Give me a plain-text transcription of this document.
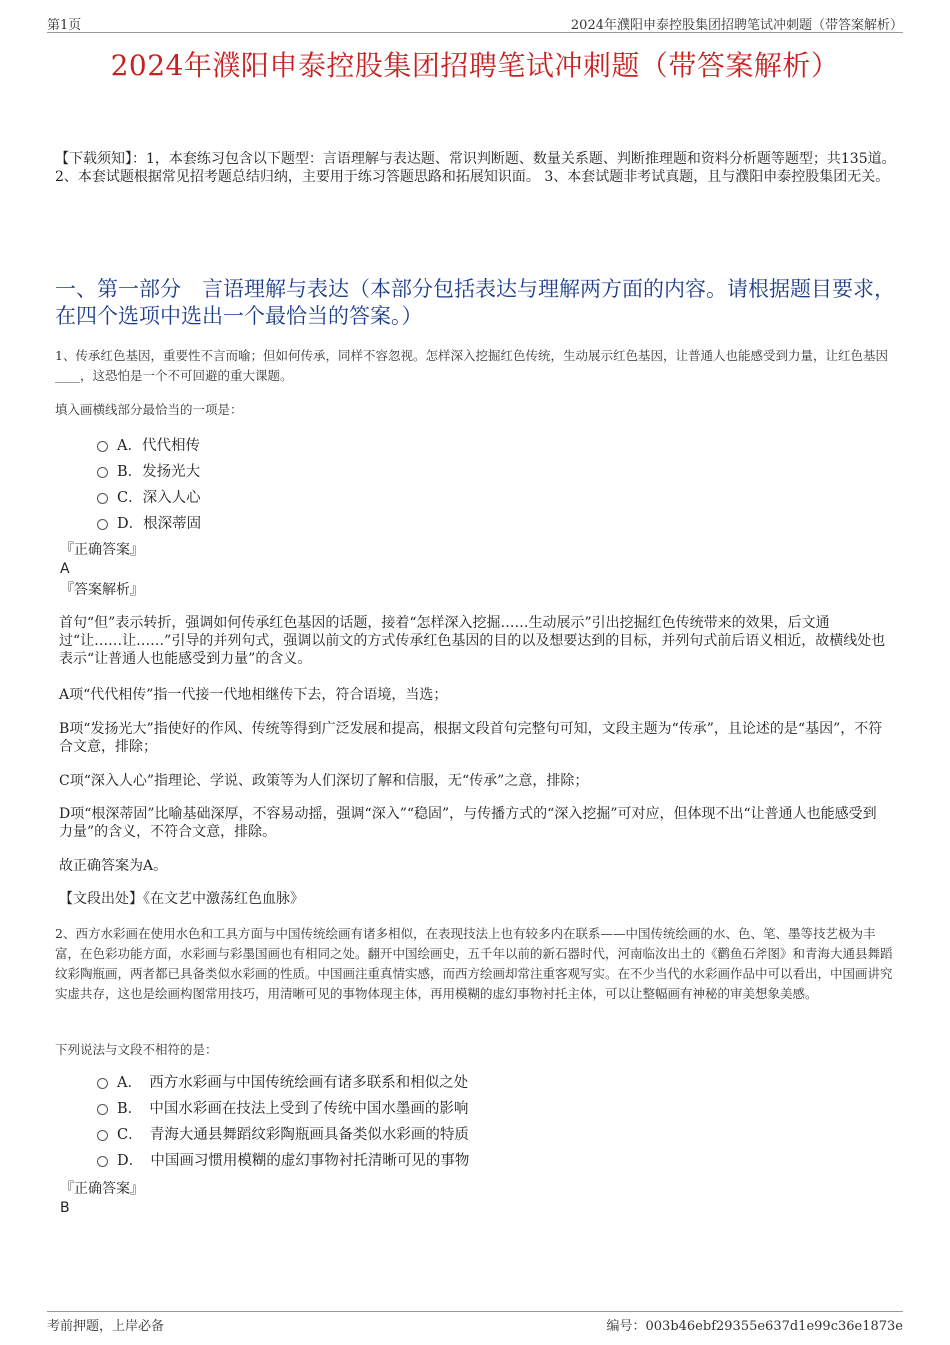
第1页	2024年濮阳申泰控股集团招聘笔试冲刺题（带答案解析）
2024年濮阳申泰控股集团招聘笔试冲刺题（带答案解析）
【下载须知】：1，本套练习包含以下题型：言语理解与表达题、常识判断题、数量关系题、判断推理题和资料分析题等题型；共135道。 2、本套试题根据常见招考题总结归纳，主要用于练习答题思路和拓展知识面。 3、本套试题非考试真题，且与濮阳申泰控股集团无关。
一、第一部分　言语理解与表达（本部分包括表达与理解两方面的内容。请根据题目要求，在四个选项中选出一个最恰当的答案。）
1、传承红色基因，重要性不言而喻；但如何传承，同样不容忽视。怎样深入挖掘红色传统，生动展示红色基因，让普通人也能感受到力量，让红色基因____，这恐怕是一个不可回避的重大课题。
填入画横线部分最恰当的一项是：
A．代代相传
B．发扬光大
C．深入人心
D．根深蒂固
『正确答案』
A
『答案解析』
首句“但”表示转折，强调如何传承红色基因的话题，接着“怎样深入挖掘……生动展示”引出挖掘红色传统带来的效果，后文通过“让……让……”引导的并列句式，强调以前文的方式传承红色基因的目的以及想要达到的目标，并列句式前后语义相近，故横线处也表示“让普通人也能感受到力量”的含义。
A项“代代相传”指一代接一代地相继传下去，符合语境，当选；
B项“发扬光大”指使好的作风、传统等得到广泛发展和提高，根据文段首句完整句可知，文段主题为“传承”，且论述的是“基因”，不符合文意，排除；
C项“深入人心”指理论、学说、政策等为人们深切了解和信服，无“传承”之意，排除；
D项“根深蒂固”比喻基础深厚，不容易动摇，强调“深入”“稳固”，与传播方式的“深入挖掘”可对应，但体现不出“让普通人也能感受到力量”的含义，不符合文意，排除。
故正确答案为A。
【文段出处】《在文艺中激荡红色血脉》
2、西方水彩画在使用水色和工具方面与中国传统绘画有诸多相似，在表现技法上也有较多内在联系——中国传统绘画的水、色、笔、墨等技艺极为丰富，在色彩功能方面，水彩画与彩墨国画也有相同之处。翻开中国绘画史，五千年以前的新石器时代，河南临汝出土的《鹳鱼石斧图》和青海大通县舞蹈纹彩陶瓶画，两者都已具备类似水彩画的性质。中国画注重真情实感，而西方绘画却常注重客观写实。在不少当代的水彩画作品中可以看出，中国画讲究实虚共存，这也是绘画构图常用技巧，用清晰可见的事物体现主体，再用模糊的虚幻事物衬托主体，可以让整幅画有神秘的审美想象美感。
下列说法与文段不相符的是：
A．　西方水彩画与中国传统绘画有诸多联系和相似之处
B．　中国水彩画在技法上受到了传统中国水墨画的影响
C．　青海大通县舞蹈纹彩陶瓶画具备类似水彩画的特质
D．　中国画习惯用模糊的虚幻事物衬托清晰可见的事物
『正确答案』
B
考前押题，上岸必备	编号：003b46ebf29355e637d1e99c36e1873e
